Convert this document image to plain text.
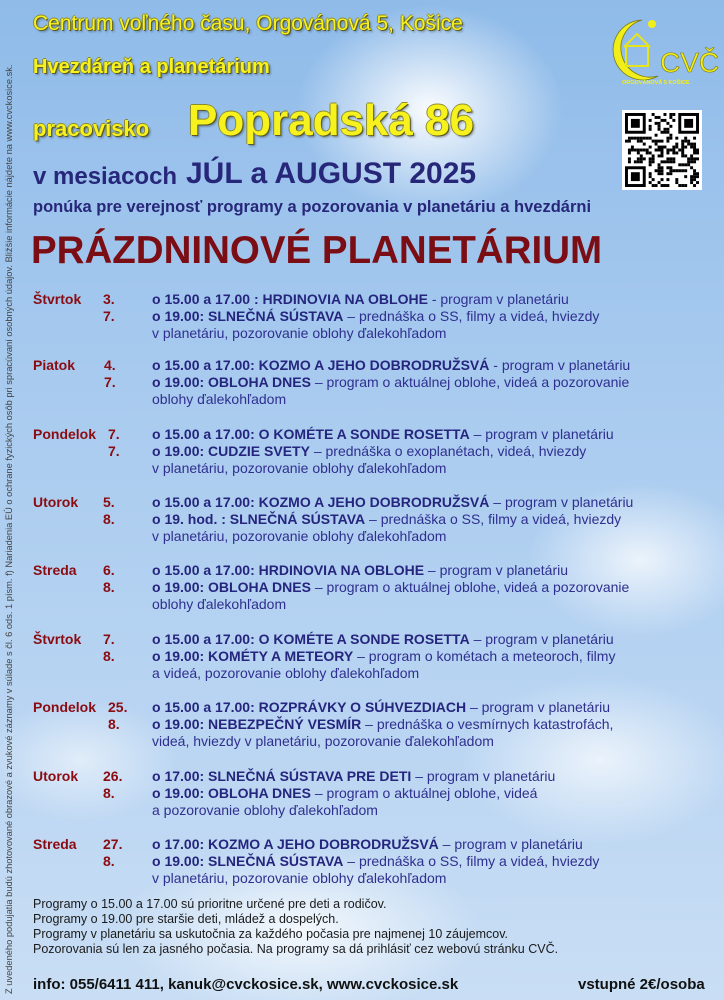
Z uvedeného podujatia budú zhotovované obrazové a zvukové záznamy v súlade s čl. 6 ods. 1 písm. f) Nariadenia EÚ o ochrane fyzických osôb pri spracúvaní osobných údajov. Bližšie informácie nájdete na www.cvckosice.sk.
Centrum voľného času, Orgovánová 5, Košice
Hvezdáreň a planetárium
pracovisko Popradská 86
v mesiacoch JÚL a AUGUST 2025
ponúka pre verejnosť programy a pozorovania v planetáriu a hvezdárni
PRÁZDNINOVÉ PLANETÁRIUM
CVČ
ORGOVÁNOVÁ 5 KOŠICE
Štvrtok 3. 7.
o 15.00 a 17.00 : HRDINOVIA NA OBLOHE - program v planetáriu
o 19.00: SLNEČNÁ SÚSTAVA – prednáška o SS, filmy a videá, hviezdy
v planetáriu, pozorovanie oblohy ďalekohľadom
Piatok 4. 7.
o 15.00 a 17.00: KOZMO A JEHO DOBRODRUŽSVÁ - program v planetáriu
o 19.00: OBLOHA DNES – program o aktuálnej oblohe, videá a pozorovanie
oblohy ďalekohľadom
Pondelok 7. 7.
o 15.00 a 17.00: O KOMÉTE A SONDE ROSETTA – program v planetáriu
o 19.00: CUDZIE SVETY – prednáška o exoplanétach, videá, hviezdy
v planetáriu, pozorovanie oblohy ďalekohľadom
Utorok 5. 8.
o 15.00 a 17.00: KOZMO A JEHO DOBRODRUŽSVÁ – program v planetáriu
o 19. hod. : SLNEČNÁ SÚSTAVA – prednáška o SS, filmy a videá, hviezdy
v planetáriu, pozorovanie oblohy ďalekohľadom
Streda 6. 8.
o 15.00 a 17.00: HRDINOVIA NA OBLOHE – program v planetáriu
o 19.00: OBLOHA DNES – program o aktuálnej oblohe, videá a pozorovanie
oblohy ďalekohľadom
Štvrtok 7. 8.
o 15.00 a 17.00: O KOMÉTE A SONDE ROSETTA – program v planetáriu
o 19.00: KOMÉTY A METEORY – program o kométach a meteoroch, filmy
a videá, pozorovanie oblohy ďalekohľadom
Pondelok 25. 8.
o 15.00 a 17.00: ROZPRÁVKY O SÚHVEZDIACH – program v planetáriu
o 19.00: NEBEZPEČNÝ VESMÍR – prednáška o vesmírnych katastrofách,
videá, hviezdy v planetáriu, pozorovanie ďalekohľadom
Utorok 26. 8.
o 17.00: SLNEČNÁ SÚSTAVA PRE DETI – program v planetáriu
o 19.00: OBLOHA DNES – program o aktuálnej oblohe, videá
a pozorovanie oblohy ďalekohľadom
Streda 27. 8.
o 17.00: KOZMO A JEHO DOBRODRUŽSVÁ – program v planetáriu
o 19.00: SLNEČNÁ SÚSTAVA – prednáška o SS, filmy a videá, hviezdy
v planetáriu, pozorovanie oblohy ďalekohľadom
Programy o 15.00 a 17.00 sú prioritne určené pre deti a rodičov.
Programy o 19.00 pre staršie deti, mládež a dospelých.
Programy v planetáriu sa uskutočnia za každého počasia pre najmenej 10 záujemcov.
Pozorovania sú len za jasného počasia. Na programy sa dá prihlásiť cez webovú stránku CVČ.
info: 055/6411 411, kanuk@cvckosice.sk, www.cvckosice.sk	vstupné 2€/osoba
